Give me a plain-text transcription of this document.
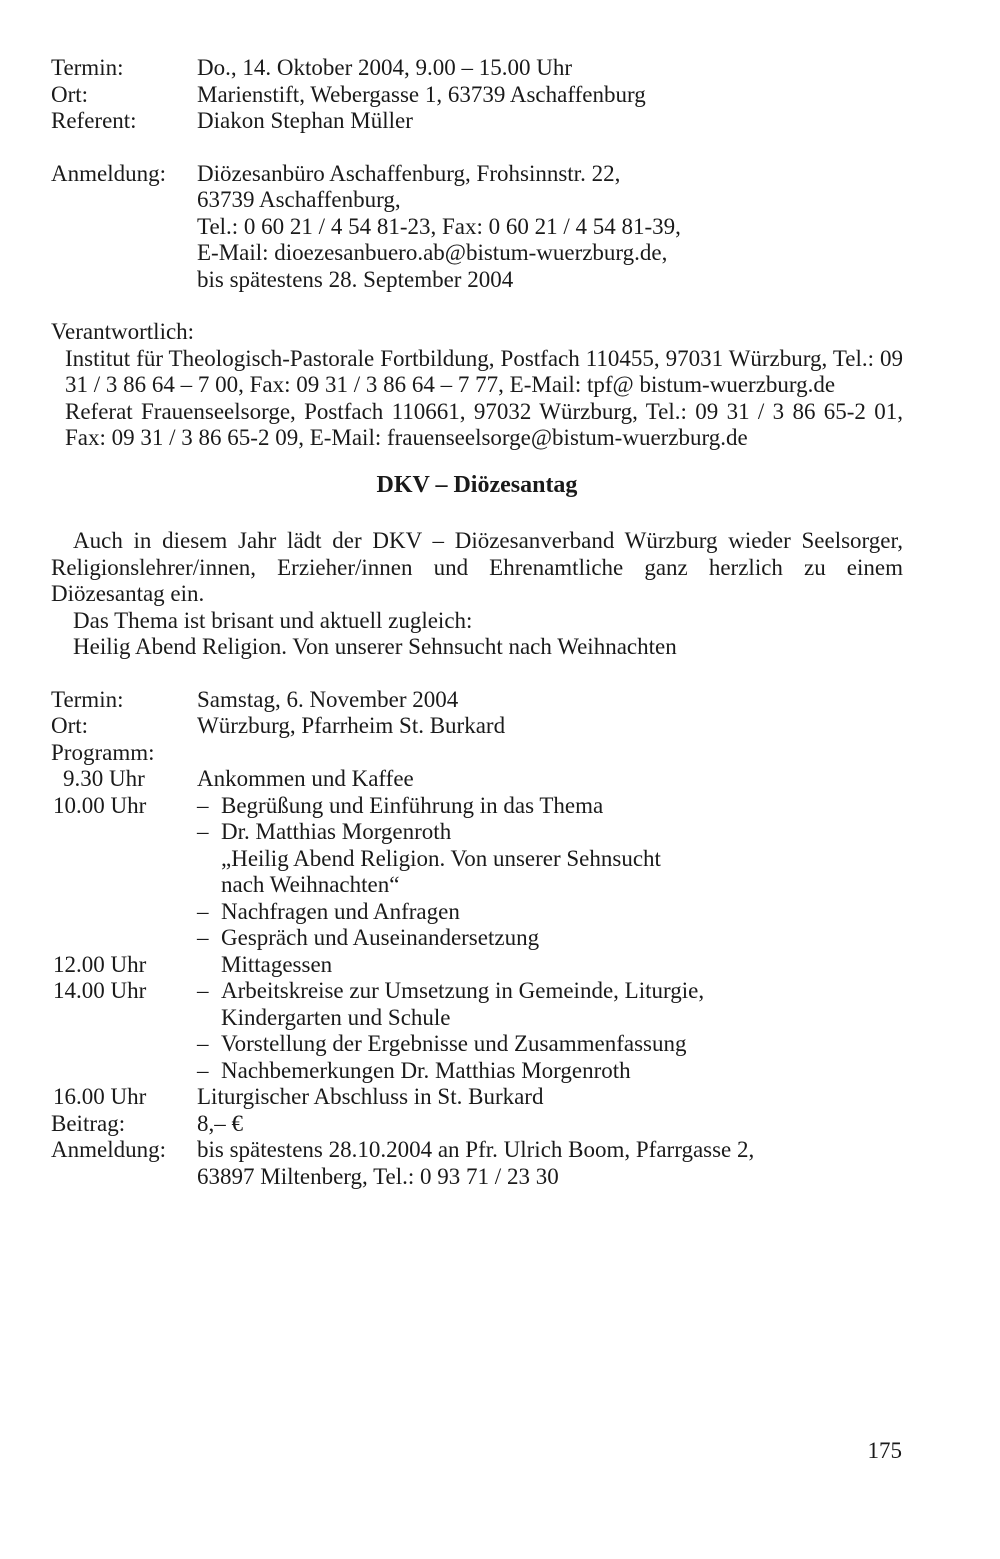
Termin:	Do., 14. Oktober 2004, 9.00 – 15.00 Uhr
Ort:	Marienstift, Webergasse 1, 63739 Aschaffenburg
Referent:	Diakon Stephan Müller
Anmeldung:	Diözesanbüro Aschaffenburg, Frohsinnstr. 22,
63739 Aschaffenburg,
Tel.: 0 60 21 / 4 54 81-23, Fax: 0 60 21 / 4 54 81-39,
E-Mail: dioezesanbuero.ab@bistum-wuerzburg.de,
bis spätestens 28. September 2004
Verantwortlich:

Institut für Theologisch-Pastorale Fortbildung, Postfach 110455, 97031 Würzburg, Tel.: 09 31 / 3 86 64 – 7 00, Fax: 09 31 / 3 86 64 – 7 77, E-Mail: tpf@ bistum-wuerzburg.de

Referat Frauenseelsorge, Postfach 110661, 97032 Würzburg, Tel.: 09 31 / 3 86 65-2 01, Fax: 09 31 / 3 86 65-2 09, E-Mail: frauenseelsorge@bistum-wuerzburg.de

DKV – Diözesantag

Auch in diesem Jahr lädt der DKV – Diözesanverband Würzburg wieder Seelsorger, Religionslehrer/innen, Erzieher/innen und Ehrenamtliche ganz herzlich zu einem Diözesantag ein.

Das Thema ist brisant und aktuell zugleich:
Heilig Abend Religion. Von unserer Sehnsucht nach Weihnachten
Termin:	Samstag, 6. November 2004
Ort:	Würzburg, Pfarrheim St. Burkard
Programm:
9.30 Uhr	Ankommen und Kaffee
10.00 Uhr	– Begrüßung und Einführung in das Thema
– Dr. Matthias Morgenroth
„Heilig Abend Religion. Von unserer Sehnsucht
nach Weihnachten“
– Nachfragen und Anfragen
– Gespräch und Auseinandersetzung
12.00 Uhr	Mittagessen
14.00 Uhr	– Arbeitskreise zur Umsetzung in Gemeinde, Liturgie,
Kindergarten und Schule
– Vorstellung der Ergebnisse und Zusammenfassung
– Nachbemerkungen Dr. Matthias Morgenroth
16.00 Uhr	Liturgischer Abschluss in St. Burkard
Beitrag:	8,– €
Anmeldung:	bis spätestens 28.10.2004 an Pfr. Ulrich Boom, Pfarrgasse 2,
63897 Miltenberg, Tel.: 0 93 71 / 23 30
175
